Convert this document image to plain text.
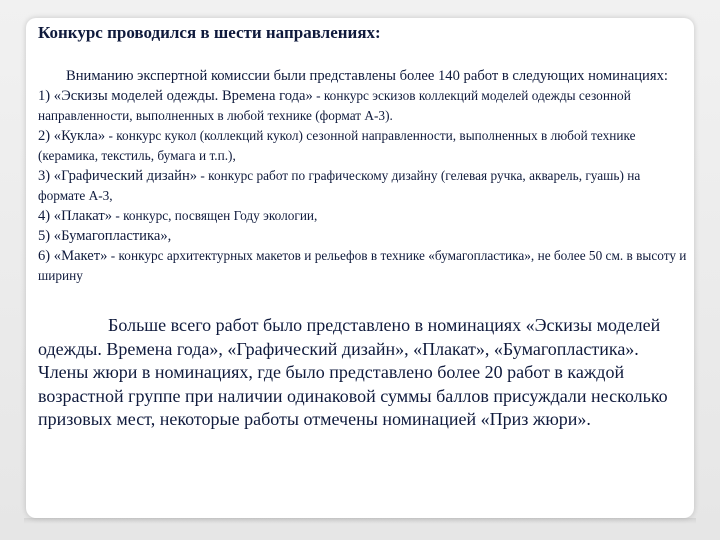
Конкурс проводился в шести направлениях:

Вниманию экспертной комиссии были представлены более 140 работ в следующих номинациях:

1) «Эскизы моделей одежды. Времена года» - конкурс эскизов коллекций моделей одежды сезонной направленности, выполненных в любой технике (формат А-3).
2) «Кукла» - конкурс кукол (коллекций кукол) сезонной направленности, выполненных в любой технике (керамика, текстиль, бумага и т.п.),
3) «Графический дизайн» - конкурс работ по графическому дизайну (гелевая ручка, акварель, гуашь) на формате А-3,
4) «Плакат» - конкурс, посвящен Году экологии,
5) «Бумагопластика»,
6) «Макет» - конкурс архитектурных макетов и рельефов в технике «бумагопластика», не более 50 см. в высоту и ширину

Больше всего работ было представлено в номинациях «Эскизы моделей одежды. Времена года», «Графический дизайн», «Плакат», «Бумагопластика».

Члены жюри в номинациях, где было представлено более 20 работ в каждой возрастной группе при наличии одинаковой суммы баллов присуждали несколько призовых мест, некоторые работы отмечены номинацией «Приз жюри».
